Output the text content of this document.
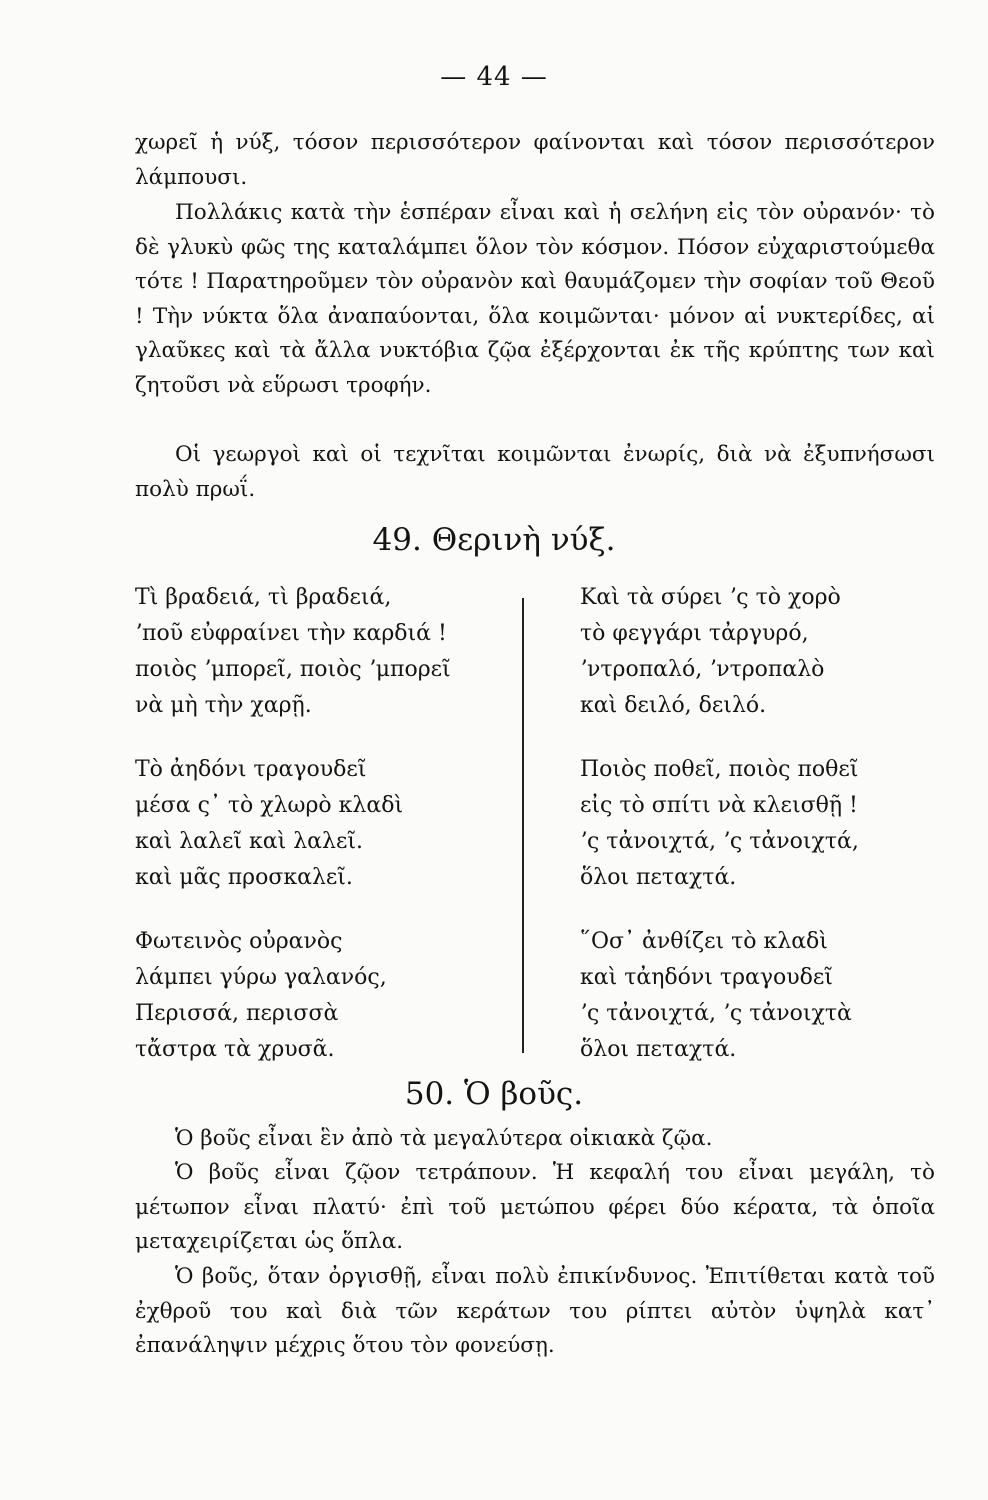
— 44 —

χωρεῖ ἡ νύξ, τόσον περισσότερον φαίνονται καὶ τόσον περισσότερον λάμπουσι.

Πολλάκις κατὰ τὴν ἑσπέραν εἶναι καὶ ἡ σελήνη εἰς τὸν οὐρανόν· τὸ δὲ γλυκὺ φῶς της καταλάμπει ὅλον τὸν κόσμον. Πόσον εὐχαριστούμεθα τότε ! Παρατηροῦμεν τὸν οὐρανὸν καὶ θαυμάζομεν τὴν σοφίαν τοῦ Θεοῦ ! Τὴν νύκτα ὅλα ἀναπαύονται, ὅλα κοιμῶνται· μόνον αἱ νυκτερίδες, αἱ γλαῦκες καὶ τὰ ἄλλα νυκτόβια ζῷα ἐξέρχονται ἐκ τῆς κρύπτης των καὶ ζητοῦσι νὰ εὕρωσι τροφήν.

Οἱ γεωργοὶ καὶ οἱ τεχνῖται κοιμῶνται ἐνωρίς, διὰ νὰ ἐξυπνήσωσι πολὺ πρωΐ.

49. Θερινὴ νύξ.
Τὶ βραδειά, τὶ βραδειά,
ʼποῦ εὐφραίνει τὴν καρδιά !
ποιὸς ʼμπορεῖ, ποιὸς ʼμπορεῖ
νὰ μὴ τὴν χαρῇ.
Τὸ ἀηδόνι τραγουδεῖ
μέσα ς᾽ τὸ χλωρὸ κλαδὶ
καὶ λαλεῖ καὶ λαλεῖ.
καὶ μᾶς προσκαλεῖ.
Φωτεινὸς οὐρανὸς
λάμπει γύρω γαλανός,
Περισσά, περισσὰ
τἄστρα τὰ χρυσᾶ.
Καὶ τὰ σύρει ʼς τὸ χορὸ
τὸ φεγγάρι τἀργυρό,
ʼντροπαλό, ʼντροπαλὸ
καὶ δειλό, δειλό.
Ποιὸς ποθεῖ, ποιὸς ποθεῖ
εἰς τὸ σπίτι νὰ κλεισθῇ !
ʼς τἀνοιχτά, ʼς τἀνοιχτά,
ὅλοι πεταχτά.
῞Οσ᾽ ἀνθίζει τὸ κλαδὶ
καὶ τἀηδόνι τραγουδεῖ
ʼς τἀνοιχτά, ʼς τἀνοιχτὰ
ὅλοι πεταχτά.
50. Ὁ βοῦς.

Ὁ βοῦς εἶναι ἓν ἀπὸ τὰ μεγαλύτερα οἰκιακὰ ζῷα.

Ὁ βοῦς εἶναι ζῷον τετράπουν. Ἡ κεφαλή του εἶναι μεγάλη, τὸ μέτωπον εἶναι πλατύ· ἐπὶ τοῦ μετώπου φέρει δύο κέρατα, τὰ ὁποῖα μεταχειρίζεται ὡς ὅπλα.

Ὁ βοῦς, ὅταν ὀργισθῇ, εἶναι πολὺ ἐπικίνδυνος. Ἐπιτίθεται κατὰ τοῦ ἐχθροῦ του καὶ διὰ τῶν κεράτων του ρίπτει αὐτὸν ὑψηλὰ κατ᾽ ἐπανάληψιν μέχρις ὅτου τὸν φονεύσῃ.
